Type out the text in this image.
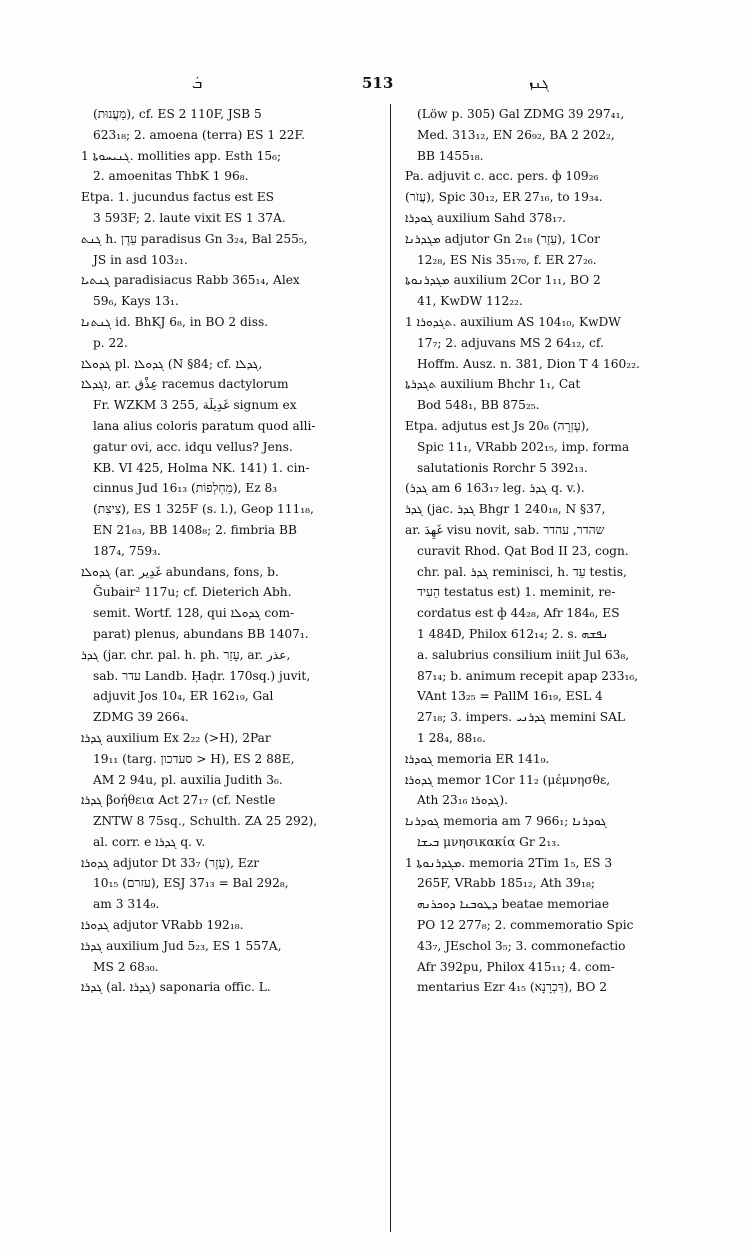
ܒܿ	513	ܓܢܙ
(מַעֲנוּת), cf. ES 2 110F, JSB 5
623₁₈; 2. amoena (terra) ES 1 22F.
ܓܢܝܚܘܬܐ 1. mollities app. Esth 15₆;
2. amoenitas ThbK 1 96₈.
Etpa. 1. jucundus factus est ES
3 593F; 2. laute vixit ES 1 37A.
ܓܢܬ h. עֵדֶן paradisus Gn 3₂₄, Bal 255₅,
JS in asd 103₂₁.
ܓܢܬܝܐ paradisiacus Rabb 365₁₄, Alex
59₆, Kays 13₁.
ܓܢܬܢܐ id. BhKJ 6₈, in BO 2 diss.
p. 22.
ܓܕܘܠܐ pl. ܓܕܘܠܐ (N §84; cf. ܓܕܠܐ,
ܐܓܕܠܐ, ar. عِذْق racemus dactylorum
Fr. WZKM 3 255, غَدِيلَة signum ex
lana alius coloris paratum quod alli-
gatur ovi, acc. idqu vellus? Jens.
KB. VI 425, Holma NK. 141) 1. cin-
cinnus Jud 16₁₃ (מַחְלְפוֹת), Ez 8₃
(צִיצִת), ES 1 325F (s. l.), Geop 111₁₈,
EN 21₆₃, BB 1408₈; 2. fimbria BB
187₄, 759₃.
ܓܕܘܠܐ (ar. غَدِير abundans, fons, b.
Ğubair² 117u; cf. Dieterich Abh.
semit. Wortf. 128, qui ܓܕܘܠܐ com-
parat) plenus, abundans BB 1407₁.
ܓܕܪ (jar. chr. pal. h. ph. עָזַר, ar. عذر,
sab. עדר Landb. Ḥaḍr. 170sq.) juvit,
adjuvit Jos 10₄, ER 162₁₉, Gal
ZDMG 39 266₄.
ܓܕܪܐ auxilium Ex 2₂₂ (>H), 2Par
19₁₁ (targ. סעדכון > H), ES 2 88E,
AM 2 94u, pl. auxilia Judith 3₆.
ܓܕܪܐ βοήθεια Act 27₁₇ (cf. Nestle
ZNTW 8 75sq., Schulth. ZA 25 292),
al. corr. e ܓܕܪܐ q. v.
ܓܕܘܪܐ adjutor Dt 33₇ (עֵזֶר), Ezr
10₁₅ (עזרם), ESJ 37₁₃ = Bal 292₈,
am 3 314₉.
ܓܕܘܪܐ adjutor VRabb 192₁₈.
ܓܕܪܐ auxilium Jud 5₂₃, ES 1 557A,
MS 2 68₃₀.
ܓܕܪܐ (al. ܓܕܪܐ) saponaria offic. L.
(Löw p. 305) Gal ZDMG 39 297₄₁,
Med. 313₁₂, EN 26₉₂, BA 2 202₂,
BB 1455₁₈.
Pa. adjuvit c. acc. pers. ф 109₂₆
(עֲזֹר), Spic 30₁₂, ER 27₁₆, to 19₃₄.
ܓܘܕܪܐ auxilium Sahd 378₁₇.
ܡܓܕܪܢܐ adjutor Gn 2₁₈ (עֵזֶר), 1Cor
12₂₈, ES Nis 35₁₇₀, f. ER 27₂₆.
ܡܓܕܪܢܘܬܐ auxilium 2Cor 1₁₁, BO 2
41, KwDW 112₂₂.
ܬܓܕܘܪܐ 1. auxilium AS 104₁₀, KwDW
17₇; 2. adjuvans MS 2 64₁₂, cf.
Hoffm. Ausz. n. 381, Dion T 4 160₂₂.
ܬܓܕܪܬܐ auxilium Bhchr 1₁, Cat
Bod 548₁, BB 875₂₅.
Etpa. adjutus est Js 20₆ (עֶזְרָה),
Spic 11₁, VRabb 202₁₅, imp. forma
salutationis Rorchr 5 392₁₃.
(ܓܕܪ am 6 163₁₇ leg. ܓܕܪ q. v.).
ܓܕܪ (jac. ܓܕܪ Bhgr 1 240₁₈, N §37,
ar. غَهِدَ visu novit, sab. שהדר, עהדר
curavit Rhod. Qat Bod II 23, cogn.
chr. pal. ܓܕܪ reminisci, h. עֵד testis,
הֵעִיד testatus est) 1. meminit, re-
cordatus est ф 44₂₈, Afr 184₆, ES
1 484D, Philox 612₁₄; 2. s. ܢܦܫܗ
a. salubrius consilium iniit Jul 63₈,
87₁₄; b. animum recepit apap 233₁₆,
VAnt 13₂₅ = PallM 16₁₉, ESL 4
27₁₈; 3. impers. ܓܕܪܢܝ memini SAL
1 28₄, 88₁₆.
ܓܘܕܪܐ memoria ER 141₉.
ܓܕܘܪܐ memor 1Cor 11₂ (μέμνησθε,
Ath 23₁₆ ܓܕܘܪܐ).
ܓܘܕܪܢܐ memoria am 7 966₁; ܓܘܕܪܢܐ
ܒܝܫܐ μνησικακία Gr 2₁₃.
ܡܓܕܪܢܘܬܐ 1. memoria 2Tim 1₅, ES 3
265F, VRabb 185₁₂, Ath 39₁₈;
ܕܛܘܒܢܐ ܕܘܟܪܢܗ beatae memoriae
PO 12 277₈; 2. commemoratio Spic
43₇, JEschol 3₅; 3. commonefactio
Afr 392pu, Philox 415₁₁; 4. com-
mentarius Ezr 4₁₅ (דִּכְרָנָא), BO 2
